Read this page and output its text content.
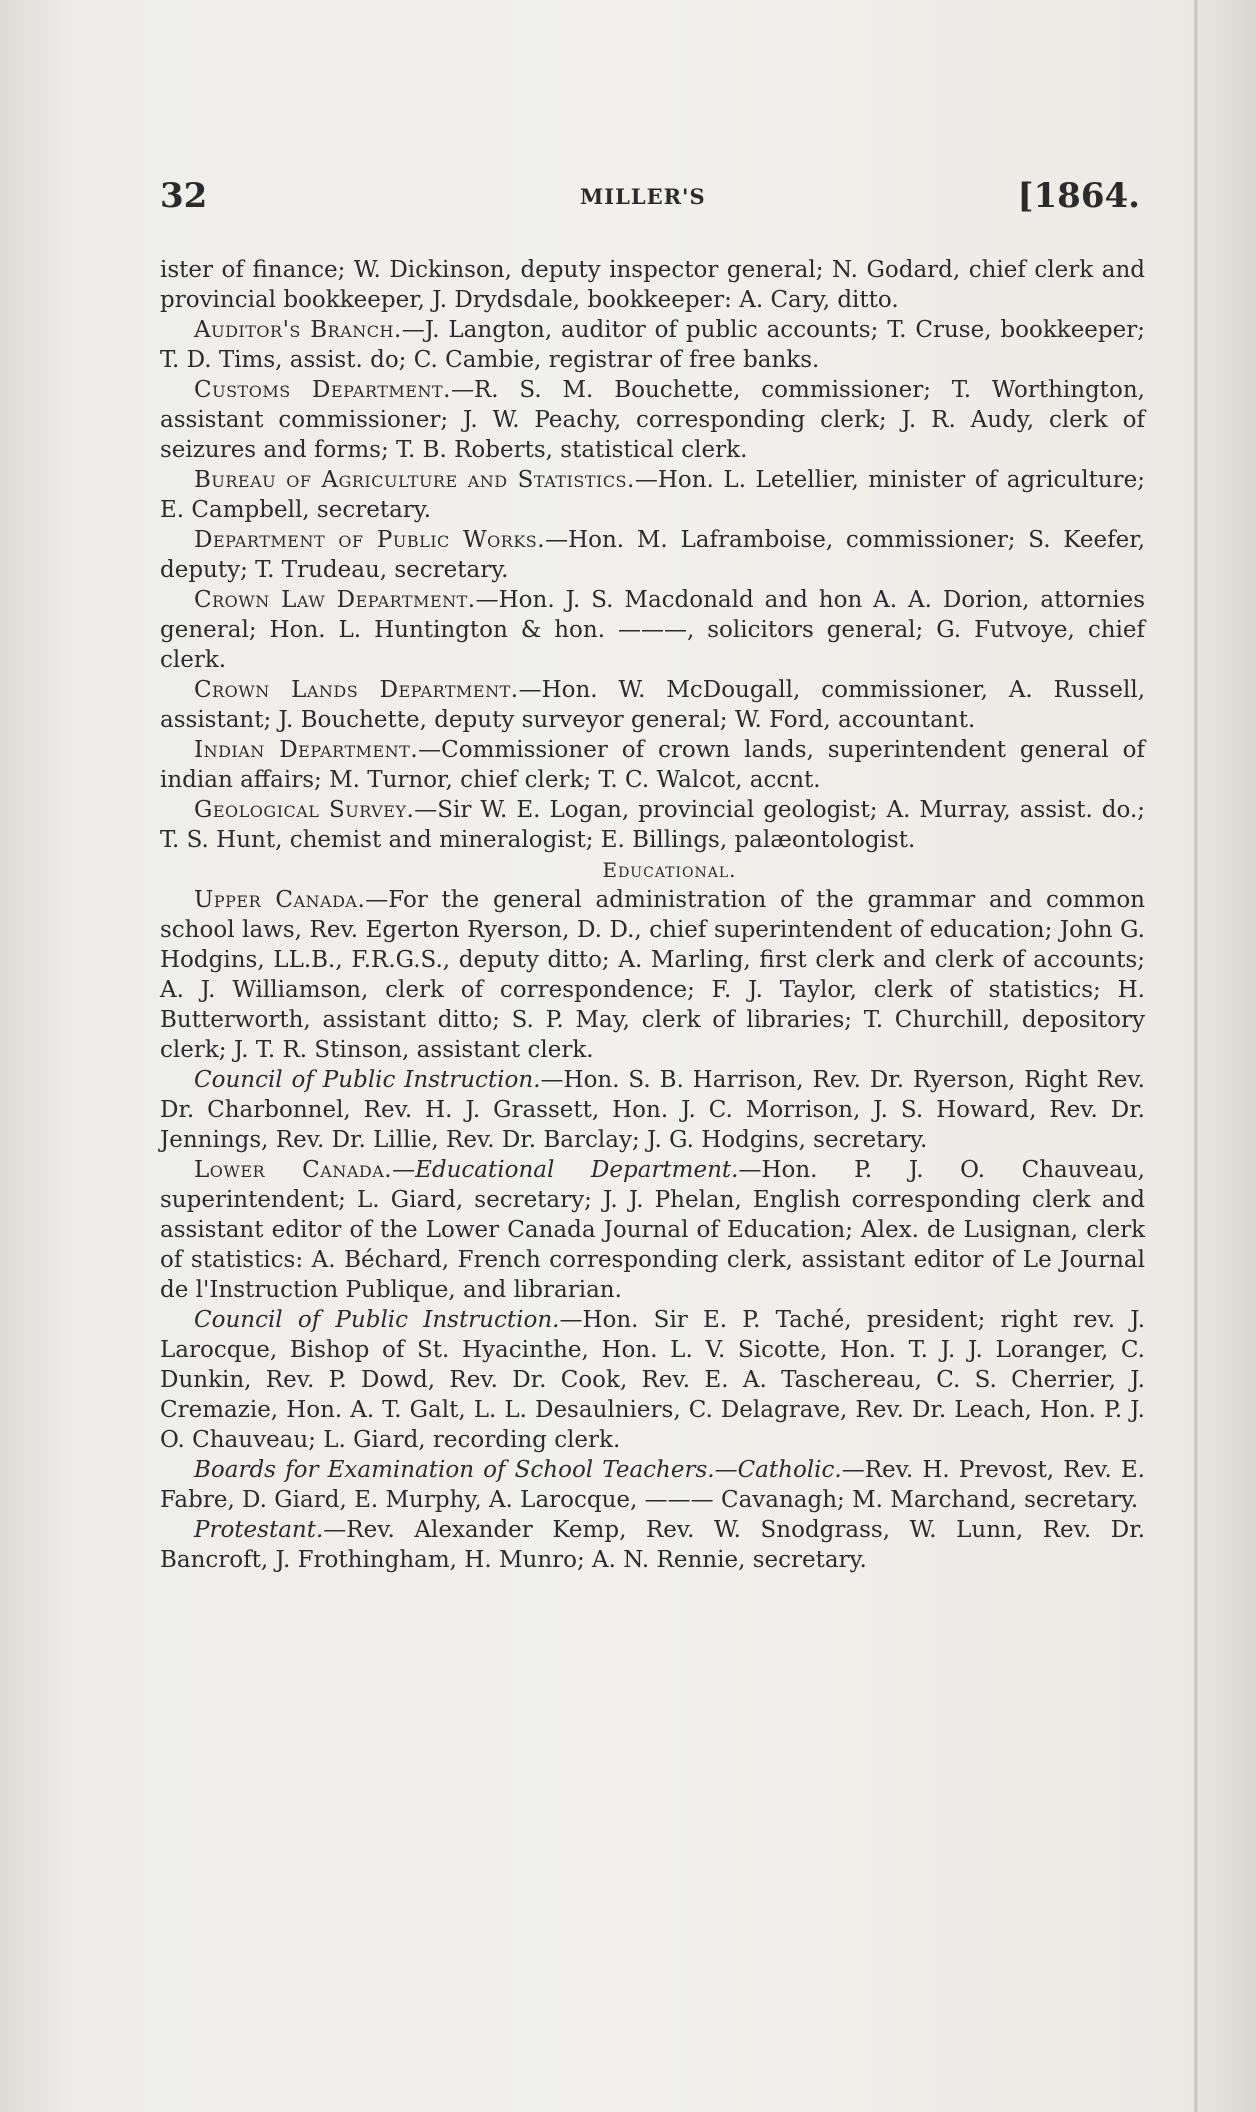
32	MILLER'S	[1864.

ister of finance; W. Dickinson, deputy inspector general; N. Godard, chief clerk and provincial bookkeeper, J. Drydsdale, bookkeeper: A. Cary, ditto.

Auditor's Branch.—J. Langton, auditor of public accounts; T. Cruse, bookkeeper; T. D. Tims, assist. do; C. Cambie, registrar of free banks.

Customs Department.—R. S. M. Bouchette, commissioner; T. Worthington, assistant commissioner; J. W. Peachy, corresponding clerk; J. R. Audy, clerk of seizures and forms; T. B. Roberts, statistical clerk.

Bureau of Agriculture and Statistics.—Hon. L. Letellier, minister of agriculture; E. Campbell, secretary.

Department of Public Works.—Hon. M. Laframboise, commissioner; S. Keefer, deputy; T. Trudeau, secretary.

Crown Law Department.—Hon. J. S. Macdonald and hon A. A. Dorion, attornies general; Hon. L. Huntington & hon. ———, solicitors general; G. Futvoye, chief clerk.

Crown Lands Department.—Hon. W. McDougall, commissioner, A. Russell, assistant; J. Bouchette, deputy surveyor general; W. Ford, accountant.

Indian Department.—Commissioner of crown lands, superintendent general of indian affairs; M. Turnor, chief clerk; T. C. Walcot, accnt.

Geological Survey.—Sir W. E. Logan, provincial geologist; A. Murray, assist. do.; T. S. Hunt, chemist and mineralogist; E. Billings, palæontologist.

Educational.

Upper Canada.—For the general administration of the grammar and common school laws, Rev. Egerton Ryerson, D. D., chief superintendent of education; John G. Hodgins, LL.B., F.R.G.S., deputy ditto; A. Marling, first clerk and clerk of accounts; A. J. Williamson, clerk of correspondence; F. J. Taylor, clerk of statistics; H. Butterworth, assistant ditto; S. P. May, clerk of libraries; T. Churchill, depository clerk; J. T. R. Stinson, assistant clerk.

Council of Public Instruction.—Hon. S. B. Harrison, Rev. Dr. Ryerson, Right Rev. Dr. Charbonnel, Rev. H. J. Grassett, Hon. J. C. Morrison, J. S. Howard, Rev. Dr. Jennings, Rev. Dr. Lillie, Rev. Dr. Barclay; J. G. Hodgins, secretary.

Lower Canada.—Educational Department.—Hon. P. J. O. Chauveau, superintendent; L. Giard, secretary; J. J. Phelan, English corresponding clerk and assistant editor of the Lower Canada Journal of Education; Alex. de Lusignan, clerk of statistics: A. Béchard, French corresponding clerk, assistant editor of Le Journal de l'Instruction Publique, and librarian.

Council of Public Instruction.—Hon. Sir E. P. Taché, president; right rev. J. Larocque, Bishop of St. Hyacinthe, Hon. L. V. Sicotte, Hon. T. J. J. Loranger, C. Dunkin, Rev. P. Dowd, Rev. Dr. Cook, Rev. E. A. Taschereau, C. S. Cherrier, J. Cremazie, Hon. A. T. Galt, L. L. Desaulniers, C. Delagrave, Rev. Dr. Leach, Hon. P. J. O. Chauveau; L. Giard, recording clerk.

Boards for Examination of School Teachers.—Catholic.—Rev. H. Prevost, Rev. E. Fabre, D. Giard, E. Murphy, A. Larocque, ——— Cavanagh; M. Marchand, secretary.

Protestant.—Rev. Alexander Kemp, Rev. W. Snodgrass, W. Lunn, Rev. Dr. Bancroft, J. Frothingham, H. Munro; A. N. Rennie, secretary.
